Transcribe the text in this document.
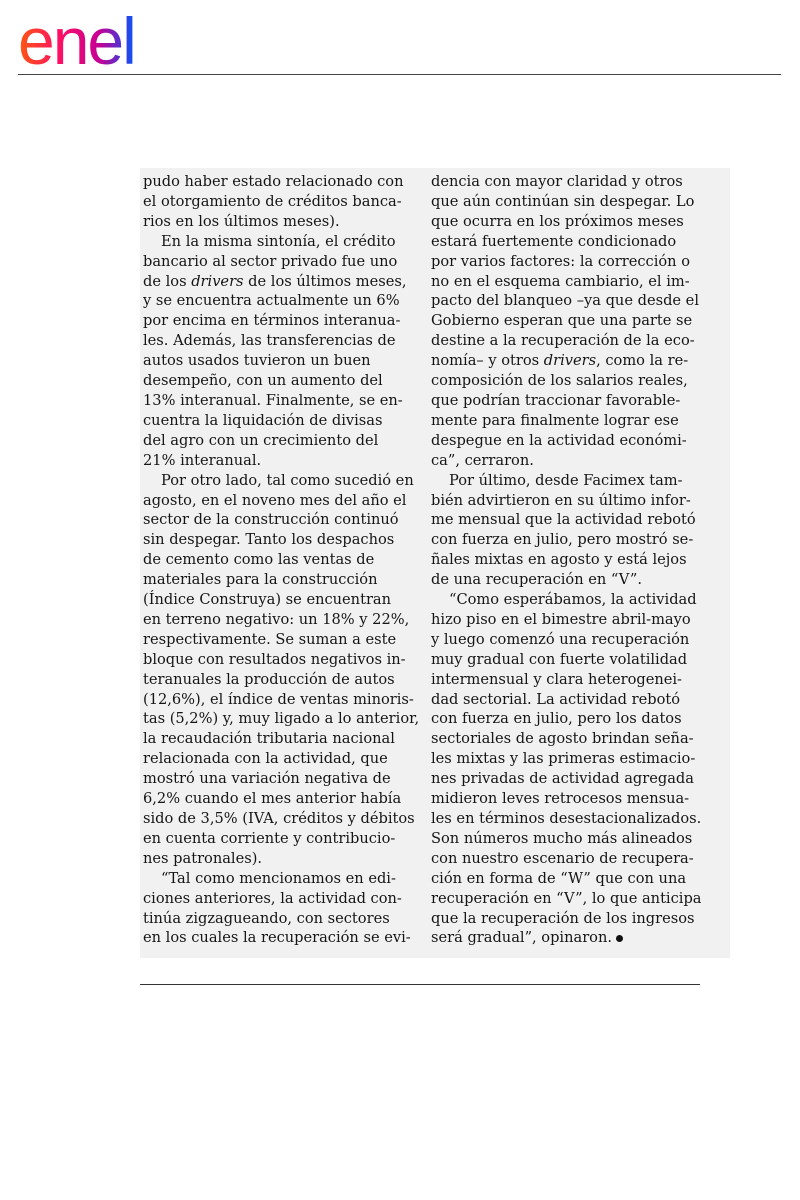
enel

pudo haber estado relacionado con
el otorgamiento de créditos banca-
rios en los últimos meses).

En la misma sintonía, el crédito
bancario al sector privado fue uno
de los drivers de los últimos meses,
y se encuentra actualmente un 6%
por encima en términos interanua-
les. Además, las transferencias de
autos usados tuvieron un buen
desempeño, con un aumento del
13% interanual. Finalmente, se en-
cuentra la liquidación de divisas
del agro con un crecimiento del
21% interanual.

Por otro lado, tal como sucedió en
agosto, en el noveno mes del año el
sector de la construcción continuó
sin despegar. Tanto los despachos
de cemento como las ventas de
materiales para la construcción
(Índice Construya) se encuentran
en terreno negativo: un 18% y 22%,
respectivamente. Se suman a este
bloque con resultados negativos in-
teranuales la producción de autos
(12,6%), el índice de ventas minoris-
tas (5,2%) y, muy ligado a lo anterior,
la recaudación tributaria nacional
relacionada con la actividad, que
mostró una variación negativa de
6,2% cuando el mes anterior había
sido de 3,5% (IVA, créditos y débitos
en cuenta corriente y contribucio-
nes patronales).

“Tal como mencionamos en edi-
ciones anteriores, la actividad con-
tinúa zigzagueando, con sectores
en los cuales la recuperación se evi-

dencia con mayor claridad y otros
que aún continúan sin despegar. Lo
que ocurra en los próximos meses
estará fuertemente condicionado
por varios factores: la corrección o
no en el esquema cambiario, el im-
pacto del blanqueo –ya que desde el
Gobierno esperan que una parte se
destine a la recuperación de la eco-
nomía– y otros drivers, como la re-
composición de los salarios reales,
que podrían traccionar favorable-
mente para finalmente lograr ese
despegue en la actividad económi-
ca”, cerraron.

Por último, desde Facimex tam-
bién advirtieron en su último infor-
me mensual que la actividad rebotó
con fuerza en julio, pero mostró se-
ñales mixtas en agosto y está lejos
de una recuperación en “V”.

“Como esperábamos, la actividad
hizo piso en el bimestre abril-mayo
y luego comenzó una recuperación
muy gradual con fuerte volatilidad
intermensual y clara heterogenei-
dad sectorial. La actividad rebotó
con fuerza en julio, pero los datos
sectoriales de agosto brindan seña-
les mixtas y las primeras estimacio-
nes privadas de actividad agregada
midieron leves retrocesos mensua-
les en términos desestacionalizados.
Son números mucho más alineados
con nuestro escenario de recupera-
ción en forma de “W” que con una
recuperación en “V”, lo que anticipa
que la recuperación de los ingresos
será gradual”, opinaron.
